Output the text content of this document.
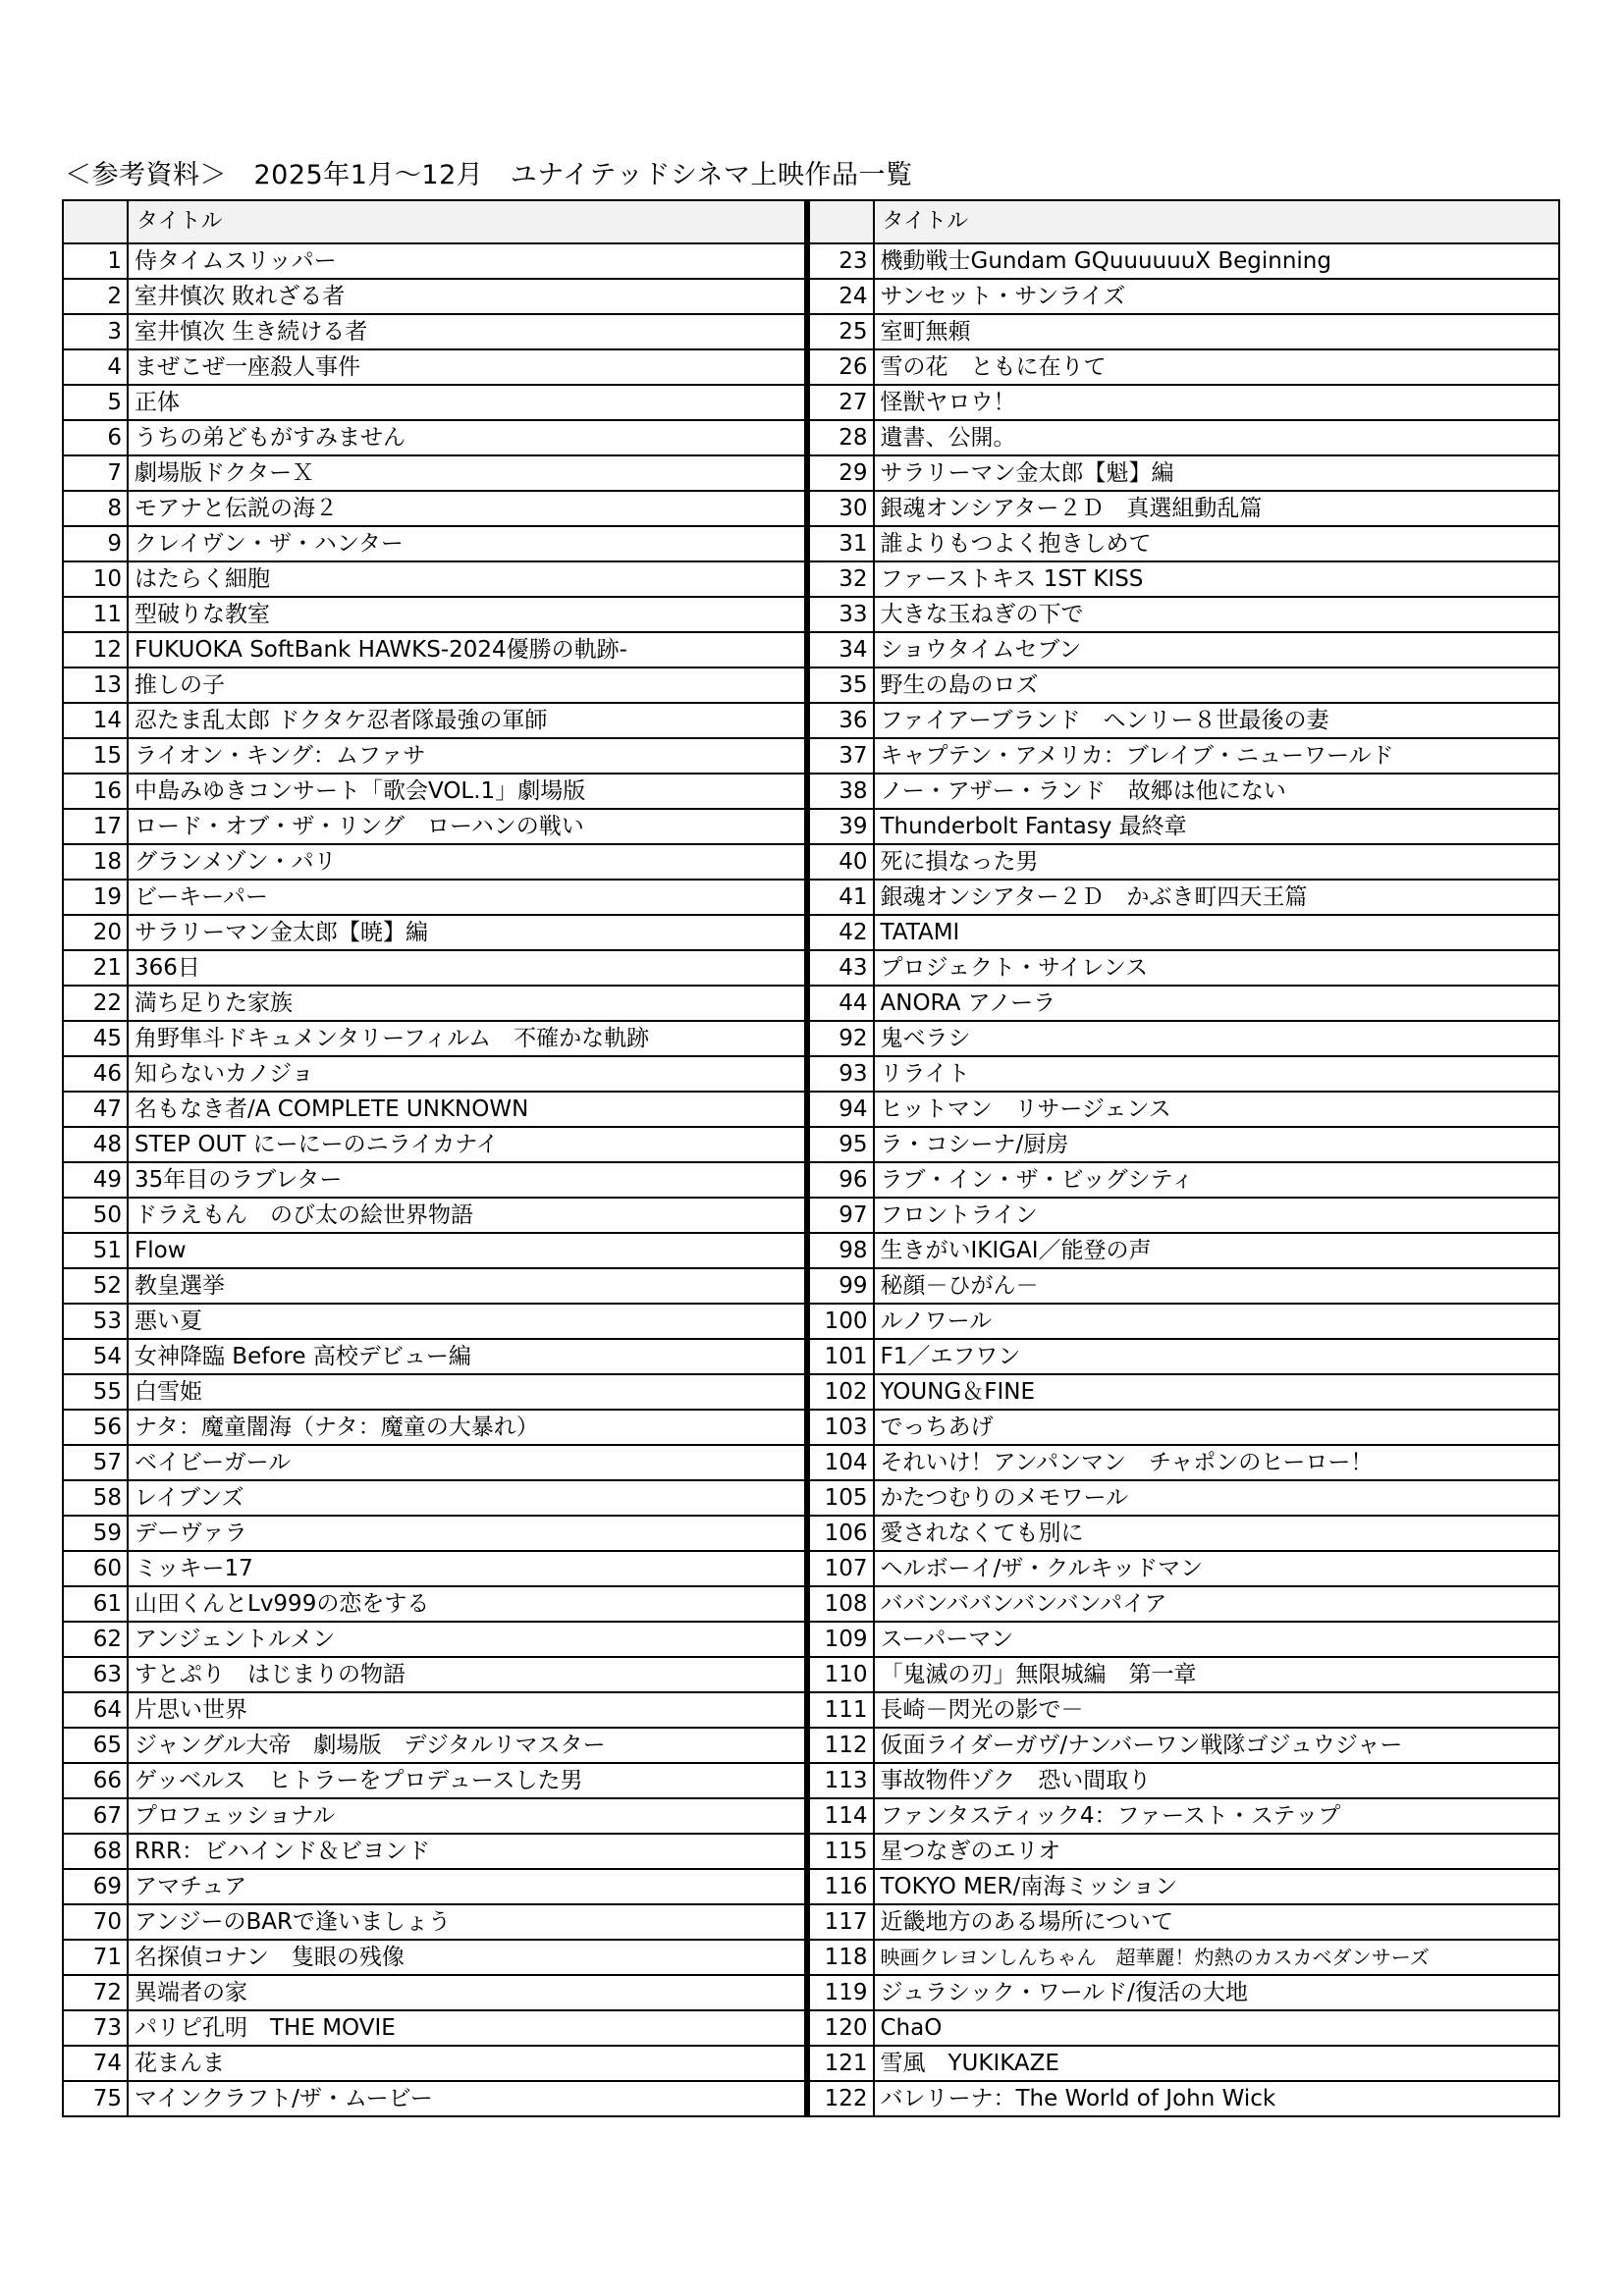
＜参考資料＞　2025年1月～12月　ユナイテッドシネマ上映作品一覧
	タイトル
1	侍タイムスリッパー
2	室井慎次 敗れざる者
3	室井慎次 生き続ける者
4	まぜこぜ一座殺人事件
5	正体
6	うちの弟どもがすみません
7	劇場版ドクターＸ
8	モアナと伝説の海２
9	クレイヴン・ザ・ハンター
10	はたらく細胞
11	型破りな教室
12	FUKUOKA SoftBank HAWKS-2024優勝の軌跡-
13	推しの子
14	忍たま乱太郎 ドクタケ忍者隊最強の軍師
15	ライオン・キング：ムファサ
16	中島みゆきコンサート「歌会VOL.1」劇場版
17	ロード・オブ・ザ・リング　ローハンの戦い
18	グランメゾン・パリ
19	ビーキーパー
20	サラリーマン金太郎【暁】編
21	366日
22	満ち足りた家族
45	角野隼斗ドキュメンタリーフィルム　不確かな軌跡
46	知らないカノジョ
47	名もなき者/A COMPLETE UNKNOWN
48	STEP OUT にーにーのニライカナイ
49	35年目のラブレター
50	ドラえもん　のび太の絵世界物語
51	Flow
52	教皇選挙
53	悪い夏
54	女神降臨 Before 高校デビュー編
55	白雪姫
56	ナタ：魔童闇海（ナタ：魔童の大暴れ）
57	ベイビーガール
58	レイブンズ
59	デーヴァラ
60	ミッキー17
61	山田くんとLv999の恋をする
62	アンジェントルメン
63	すとぷり　はじまりの物語
64	片思い世界
65	ジャングル大帝　劇場版　デジタルリマスター
66	ゲッベルス　ヒトラーをプロデュースした男
67	プロフェッショナル
68	RRR：ビハインド＆ビヨンド
69	アマチュア
70	アンジーのBARで逢いましょう
71	名探偵コナン　隻眼の残像
72	異端者の家
73	パリピ孔明　THE MOVIE
74	花まんま
75	マインクラフト/ザ・ムービー
	タイトル
23	機動戦士Gundam GQuuuuuuX Beginning
24	サンセット・サンライズ
25	室町無頼
26	雪の花　ともに在りて
27	怪獣ヤロウ！
28	遺書、公開。
29	サラリーマン金太郎【魁】編
30	銀魂オンシアター２Ｄ　真選組動乱篇
31	誰よりもつよく抱きしめて
32	ファーストキス 1ST KISS
33	大きな玉ねぎの下で
34	ショウタイムセブン
35	野生の島のロズ
36	ファイアーブランド　ヘンリー８世最後の妻
37	キャプテン・アメリカ：ブレイブ・ニューワールド
38	ノー・アザー・ランド　故郷は他にない
39	Thunderbolt Fantasy 最終章
40	死に損なった男
41	銀魂オンシアター２Ｄ　かぶき町四天王篇
42	TATAMI
43	プロジェクト・サイレンス
44	ANORA アノーラ
92	鬼ベラシ
93	リライト
94	ヒットマン　リサージェンス
95	ラ・コシーナ/厨房
96	ラブ・イン・ザ・ビッグシティ
97	フロントライン
98	生きがいIKIGAI／能登の声
99	秘顔－ひがん－
100	ルノワール
101	F1／エフワン
102	YOUNG＆FINE
103	でっちあげ
104	それいけ！アンパンマン　チャポンのヒーロー！
105	かたつむりのメモワール
106	愛されなくても別に
107	ヘルボーイ/ザ・クルキッドマン
108	ババンババンバンバンパイア
109	スーパーマン
110	「鬼滅の刃」無限城編　第一章
111	長崎－閃光の影で－
112	仮面ライダーガヴ/ナンバーワン戦隊ゴジュウジャー
113	事故物件ゾク　恐い間取り
114	ファンタスティック4：ファースト・ステップ
115	星つなぎのエリオ
116	TOKYO MER/南海ミッション
117	近畿地方のある場所について
118	映画クレヨンしんちゃん　超華麗！灼熱のカスカベダンサーズ
119	ジュラシック・ワールド/復活の大地
120	ChaO
121	雪風　YUKIKAZE
122	バレリーナ：The World of John Wick
